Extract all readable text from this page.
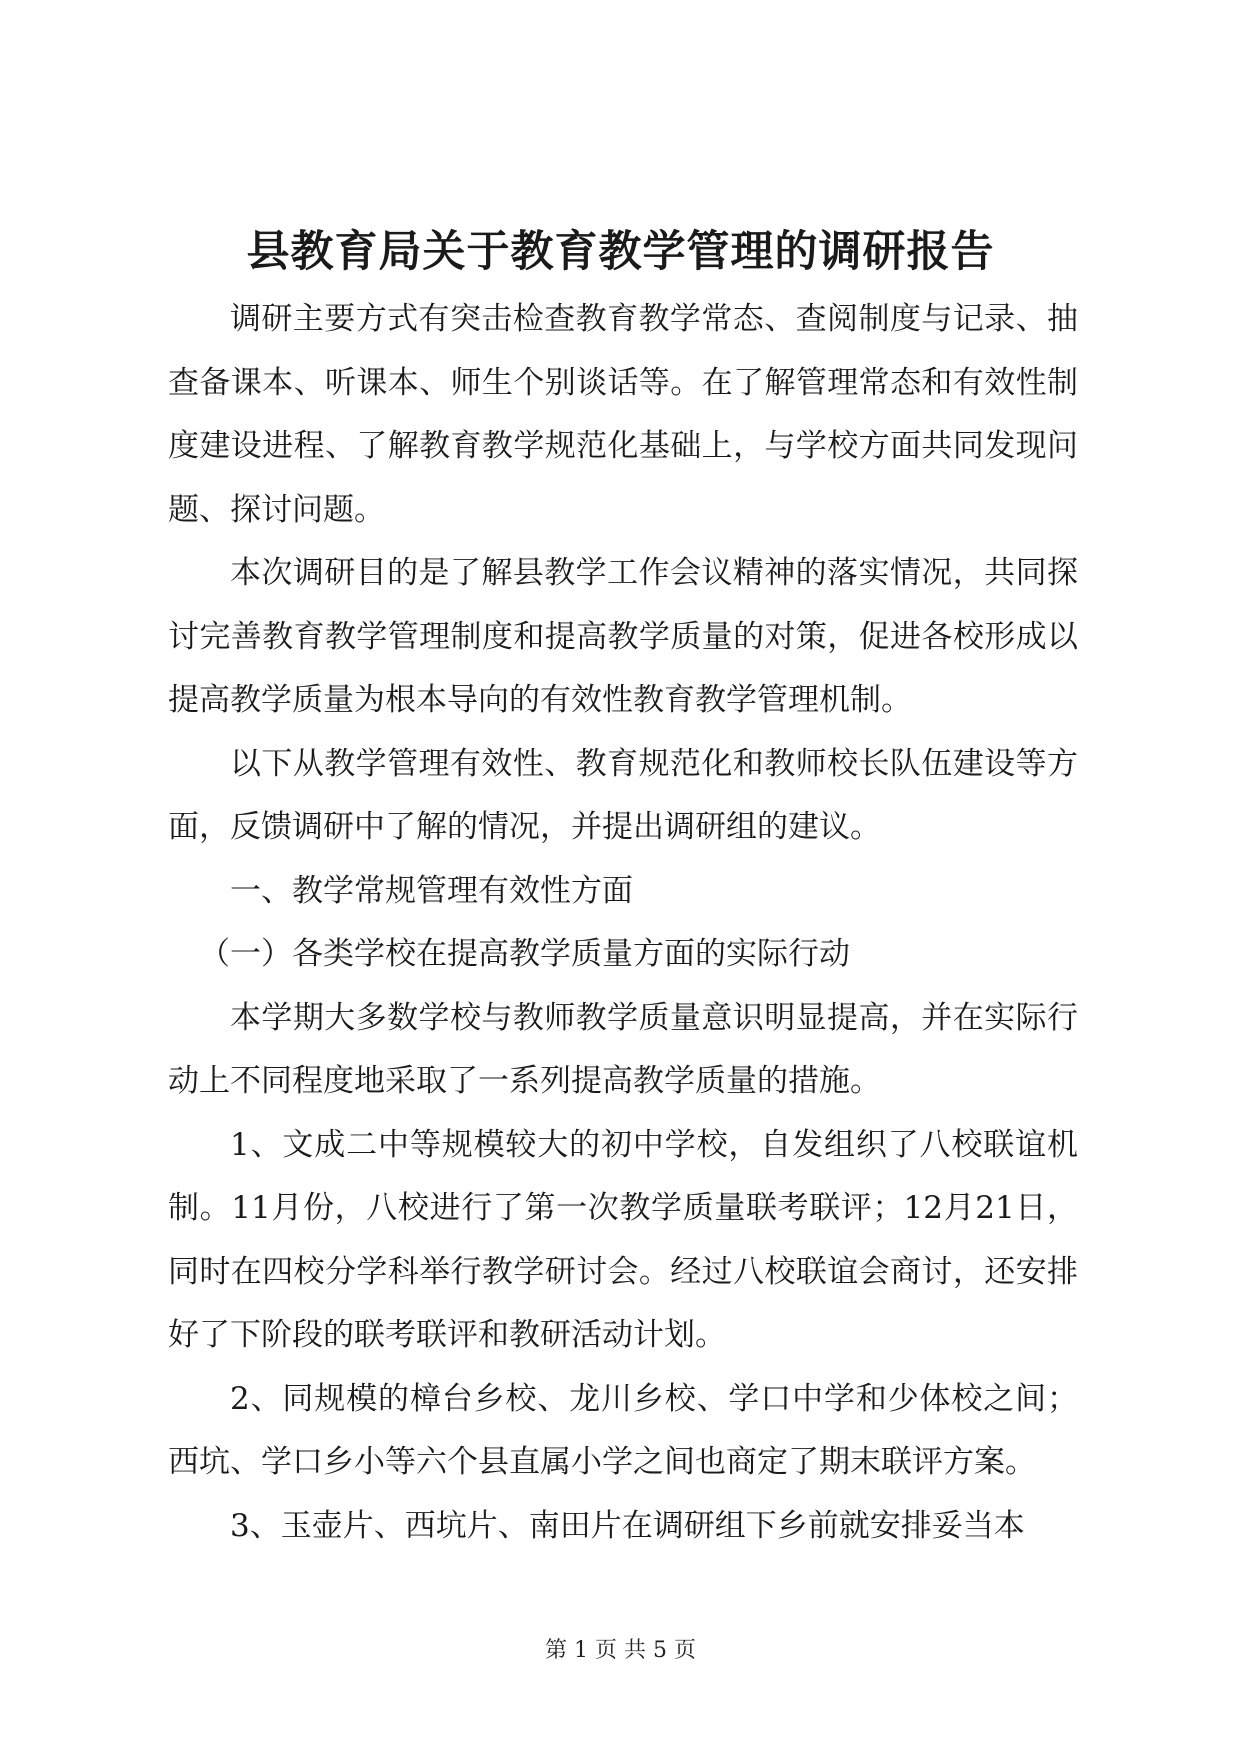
县教育局关于教育教学管理的调研报告

调研主要方式有突击检查教育教学常态、查阅制度与记录、抽查备课本、听课本、师生个别谈话等。在了解管理常态和有效性制度建设进程、了解教育教学规范化基础上，与学校方面共同发现问题、探讨问题。

本次调研目的是了解县教学工作会议精神的落实情况，共同探讨完善教育教学管理制度和提高教学质量的对策，促进各校形成以提高教学质量为根本导向的有效性教育教学管理机制。

以下从教学管理有效性、教育规范化和教师校长队伍建设等方面，反馈调研中了解的情况，并提出调研组的建议。

一、教学常规管理有效性方面

（一）各类学校在提高教学质量方面的实际行动

本学期大多数学校与教师教学质量意识明显提高，并在实际行动上不同程度地采取了一系列提高教学质量的措施。

1、文成二中等规模较大的初中学校，自发组织了八校联谊机制。11月份，八校进行了第一次教学质量联考联评；12月21日，同时在四校分学科举行教学研讨会。经过八校联谊会商讨，还安排好了下阶段的联考联评和教研活动计划。

2、同规模的樟台乡校、龙川乡校、学口中学和少体校之间；西坑、学口乡小等六个县直属小学之间也商定了期末联评方案。

3、玉壶片、西坑片、南田片在调研组下乡前就安排妥当本

第 1 页 共 5 页
